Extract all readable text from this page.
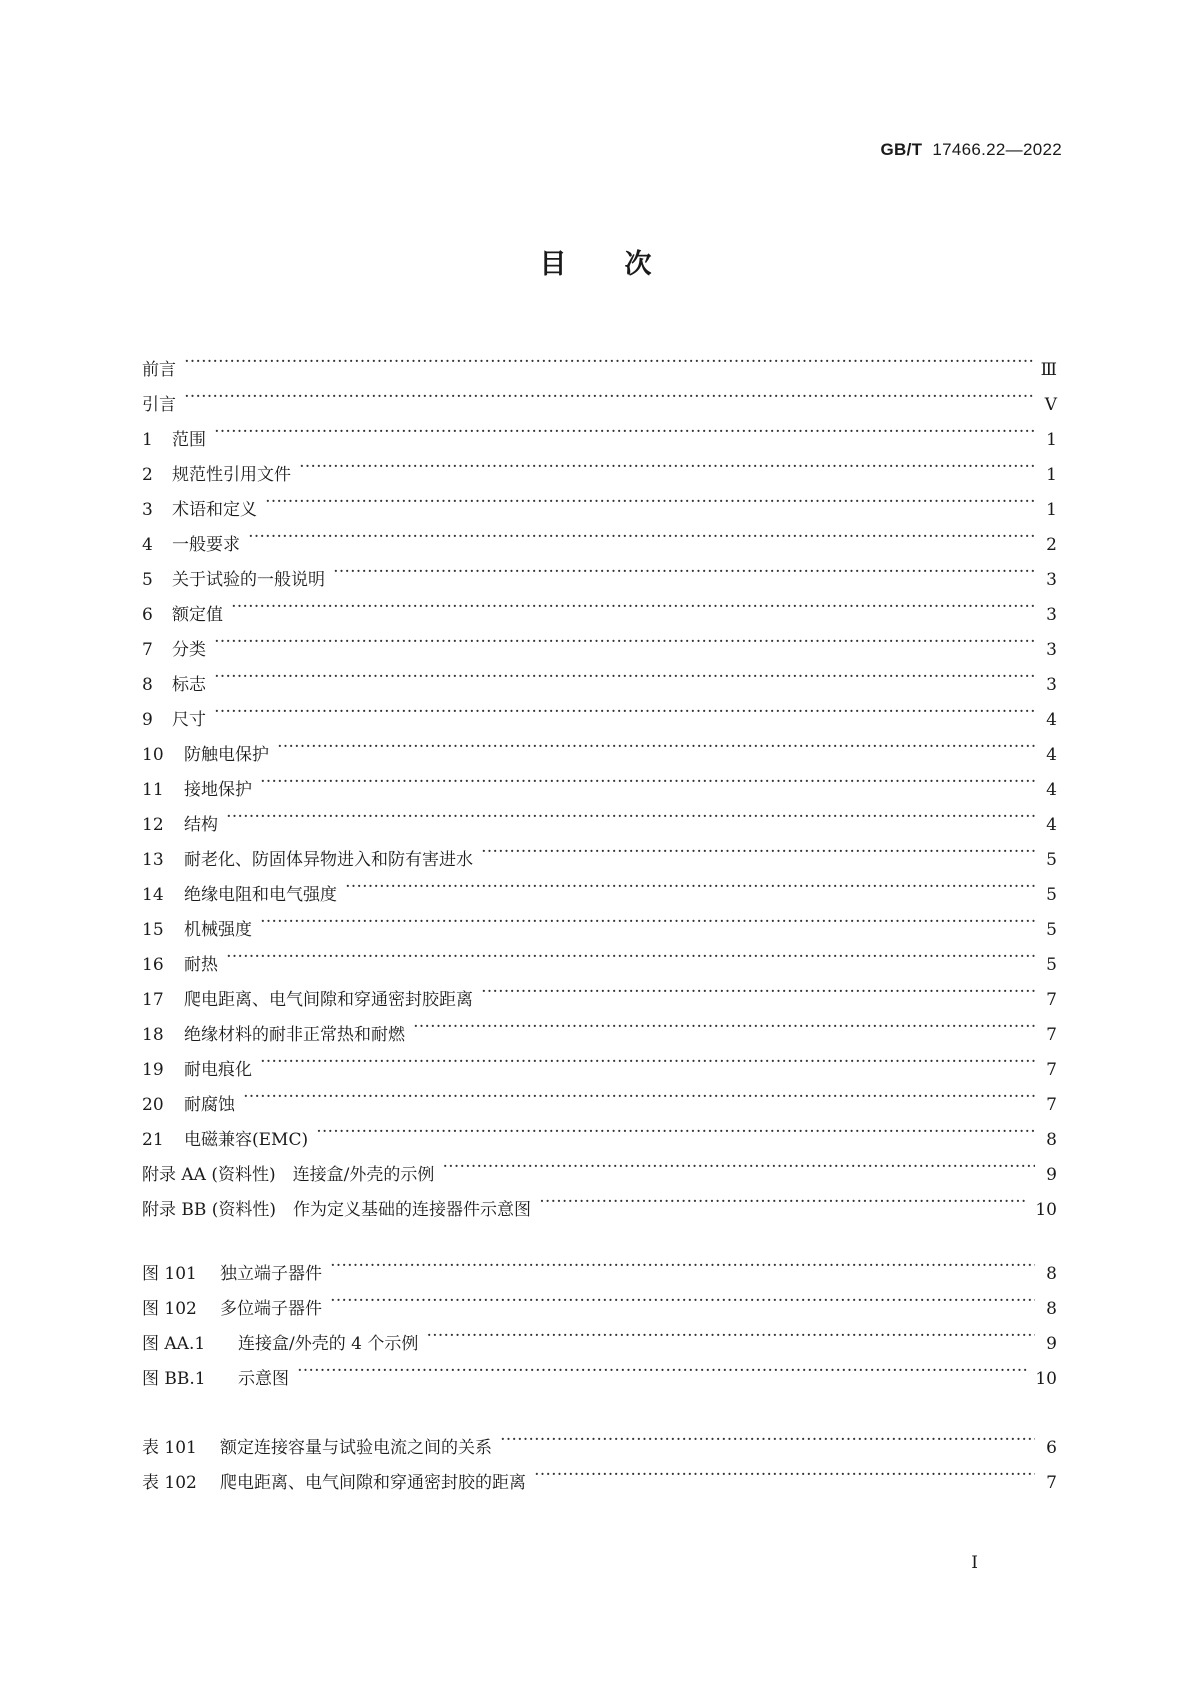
GB/T 17466.22—2022
目次
前言 …………………………………………………………………………………………………………………………………………………………………………………………………………………………………………………………………	Ⅲ
引言 …………………………………………………………………………………………………………………………………………………………………………………………………………………………………………………………………	Ⅴ
1	范围 …………………………………………………………………………………………………………………………………………………………………………………………………………………………………………………………………	1
2	规范性引用文件 …………………………………………………………………………………………………………………………………………………………………………………………………………………………………………………………………	1
3	术语和定义 …………………………………………………………………………………………………………………………………………………………………………………………………………………………………………………………………	1
4	一般要求 …………………………………………………………………………………………………………………………………………………………………………………………………………………………………………………………………	2
5	关于试验的一般说明 …………………………………………………………………………………………………………………………………………………………………………………………………………………………………………………………………	3
6	额定值 …………………………………………………………………………………………………………………………………………………………………………………………………………………………………………………………………	3
7	分类 …………………………………………………………………………………………………………………………………………………………………………………………………………………………………………………………………	3
8	标志 …………………………………………………………………………………………………………………………………………………………………………………………………………………………………………………………………	3
9	尺寸 …………………………………………………………………………………………………………………………………………………………………………………………………………………………………………………………………	4
10	防触电保护 …………………………………………………………………………………………………………………………………………………………………………………………………………………………………………………………………	4
11	接地保护 …………………………………………………………………………………………………………………………………………………………………………………………………………………………………………………………………	4
12	结构 …………………………………………………………………………………………………………………………………………………………………………………………………………………………………………………………………	4
13	耐老化、防固体异物进入和防有害进水 …………………………………………………………………………………………………………………………………………………………………………………………………………………………………………………………………	5
14	绝缘电阻和电气强度 …………………………………………………………………………………………………………………………………………………………………………………………………………………………………………………………………	5
15	机械强度 …………………………………………………………………………………………………………………………………………………………………………………………………………………………………………………………………	5
16	耐热 …………………………………………………………………………………………………………………………………………………………………………………………………………………………………………………………………	5
17	爬电距离、电气间隙和穿通密封胶距离 …………………………………………………………………………………………………………………………………………………………………………………………………………………………………………………………………	7
18	绝缘材料的耐非正常热和耐燃 …………………………………………………………………………………………………………………………………………………………………………………………………………………………………………………………………	7
19	耐电痕化 …………………………………………………………………………………………………………………………………………………………………………………………………………………………………………………………………	7
20	耐腐蚀 …………………………………………………………………………………………………………………………………………………………………………………………………………………………………………………………………	7
21	电磁兼容(EMC) …………………………………………………………………………………………………………………………………………………………………………………………………………………………………………………………………	8
附录 AA (资料性)　连接盒/外壳的示例 …………………………………………………………………………………………………………………………………………………………………………………………………………………………………………………………………	9
附录 BB (资料性)　作为定义基础的连接器件示意图 …………………………………………………………………………………………………………………………………………………………………………………………………………………………………………………………………	10
图 101	独立端子器件 …………………………………………………………………………………………………………………………………………………………………………………………………………………………………………………………………	8
图 102	多位端子器件 …………………………………………………………………………………………………………………………………………………………………………………………………………………………………………………………………	8
图 AA.1	连接盒/外壳的 4 个示例 …………………………………………………………………………………………………………………………………………………………………………………………………………………………………………………………………	9
图 BB.1	示意图 …………………………………………………………………………………………………………………………………………………………………………………………………………………………………………………………………	10
表 101	额定连接容量与试验电流之间的关系 …………………………………………………………………………………………………………………………………………………………………………………………………………………………………………………………………	6
表 102	爬电距离、电气间隙和穿通密封胶的距离 …………………………………………………………………………………………………………………………………………………………………………………………………………………………………………………………………	7
Ⅰ
